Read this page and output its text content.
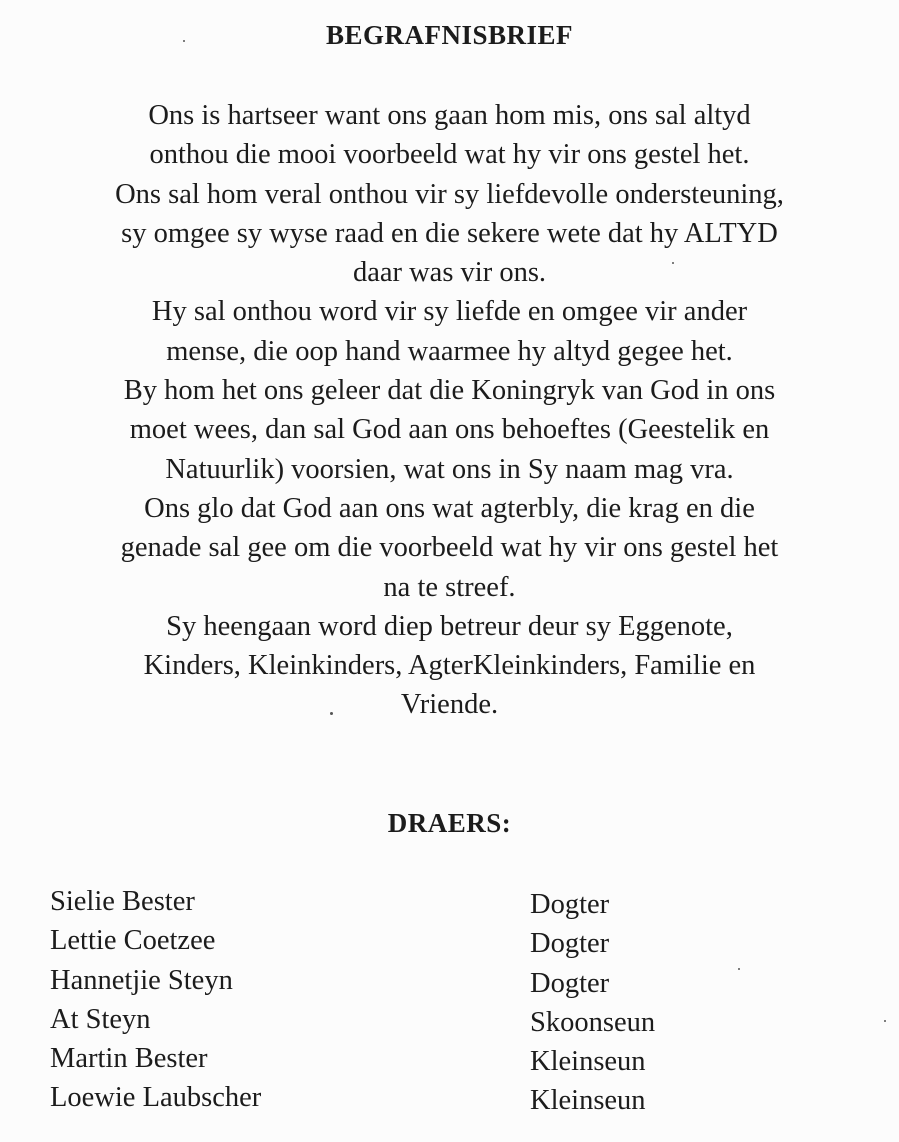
BEGRAFNISBRIEF
Ons is hartseer want ons gaan hom mis, ons sal altyd
onthou die mooi voorbeeld wat hy vir ons gestel het.
Ons sal hom veral onthou vir sy liefdevolle ondersteuning,
sy omgee sy wyse raad en die sekere wete dat hy ALTYD
daar was vir ons.
Hy sal onthou word vir sy liefde en omgee vir ander
mense, die oop hand waarmee hy altyd gegee het.
By hom het ons geleer dat die Koningryk van God in ons
moet wees, dan sal God aan ons behoeftes (Geestelik en
Natuurlik) voorsien, wat ons in Sy naam mag vra.
Ons glo dat God aan ons wat agterbly, die krag en die
genade sal gee om die voorbeeld wat hy vir ons gestel het
na te streef.
Sy heengaan word diep betreur deur sy Eggenote,
Kinders, Kleinkinders, AgterKleinkinders, Familie en
Vriende.
DRAERS:
Sielie Bester	Dogter
Lettie Coetzee	Dogter
Hannetjie Steyn	Dogter
At Steyn	Skoonseun
Martin Bester	Kleinseun
Loewie Laubscher	Kleinseun
